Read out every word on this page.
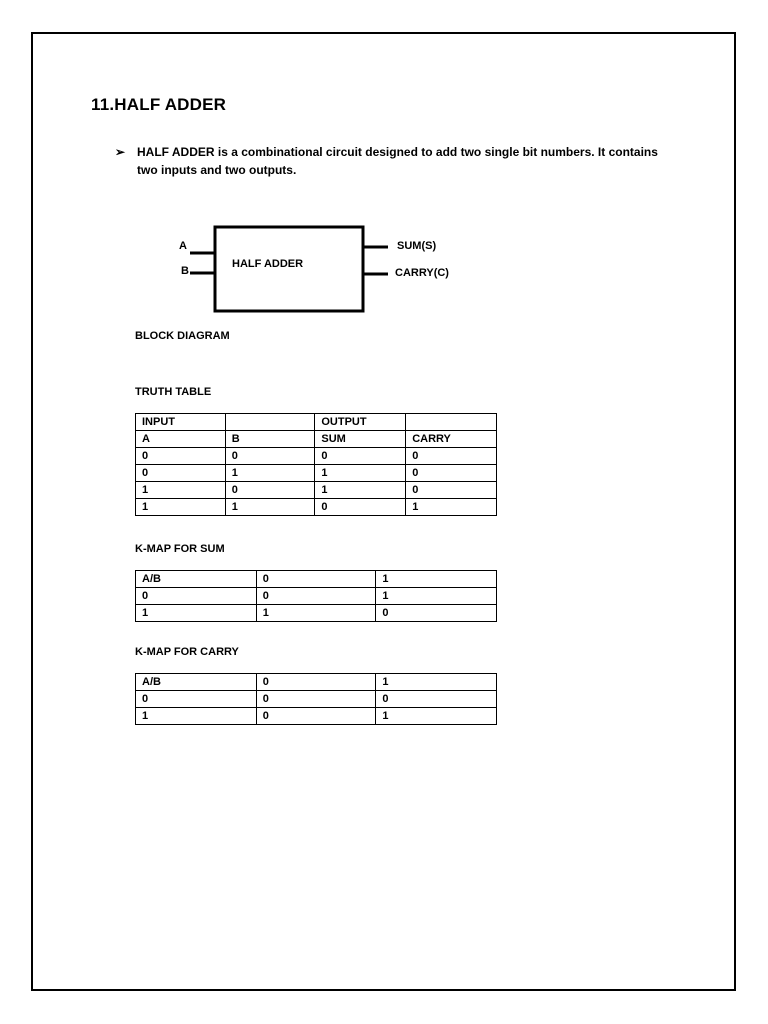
11.HALF ADDER
➢ HALF ADDER is a combinational circuit designed to add two single bit numbers. It contains two inputs and two outputs.
A
B
HALF ADDER
SUM(S)
CARRY(C)
BLOCK DIAGRAM
TRUTH TABLE
INPUT		OUTPUT	
A	B	SUM	CARRY
0	0	0	0
0	1	1	0
1	0	1	0
1	1	0	1
K-MAP FOR SUM
A/B	0	1
0	0	1
1	1	0
K-MAP FOR CARRY
A/B	0	1
0	0	0
1	0	1
